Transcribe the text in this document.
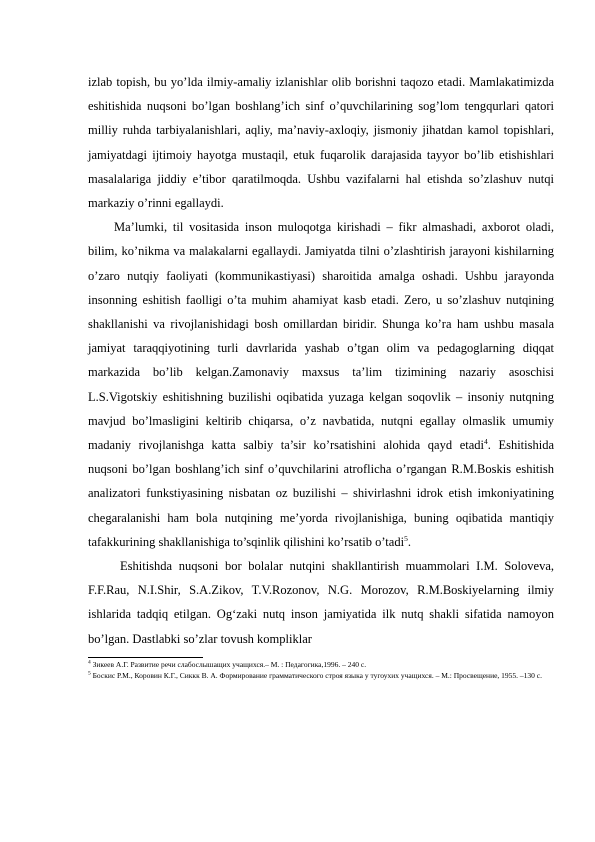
izlab topish, bu yo’lda ilmiy-amaliy izlanishlar olib borishni taqozo etadi. Mamlakatimizda eshitishida nuqsoni bo’lgan boshlang’ich sinf o’quvchilarining sog’lom tengqurlari qatori milliy ruhda tarbiyalanishlari, aqliy, ma’naviy-axloqiy, jismoniy jihatdan kamol topishlari, jamiyatdagi ijtimoiy hayotga mustaqil, etuk fuqarolik darajasida tayyor bo’lib etishishlari masalalariga jiddiy e’tibor qaratilmoqda. Ushbu vazifalarni hal etishda so’zlashuv nutqi markaziy o’rinni egallaydi.

Ma’lumki, til vositasida inson muloqotga kirishadi – fikr almashadi, axborot oladi, bilim, ko’nikma va malakalarni egallaydi. Jamiyatda tilni o’zlashtirish jarayoni kishilarning o’zaro nutqiy faoliyati (kommunikastiyasi) sharoitida amalga oshadi. Ushbu jarayonda insonning eshitish faolligi o’ta muhim ahamiyat kasb etadi. Zero, u so’zlashuv nutqining shakllanishi va rivojlanishidagi bosh omillardan biridir. Shunga ko’ra ham ushbu masala jamiyat taraqqiyotining turli davrlarida yashab o’tgan olim va pedagoglarning diqqat markazida bo’lib kelgan.Zamonaviy maxsus ta’lim tizimining nazariy asoschisi L.S.Vigotskiy eshitishning buzilishi oqibatida yuzaga kelgan soqovlik – insoniy nutqning mavjud bo’lmasligini keltirib chiqarsa, o’z navbatida, nutqni egallay olmaslik umumiy madaniy rivojlanishga katta salbiy ta’sir ko’rsatishini alohida qayd etadi$^4$. Eshitishida nuqsoni bo’lgan boshlang’ich sinf o’quvchilarini atroflicha o’rgangan R.M.Boskis eshitish analizatori funkstiyasining nisbatan oz buzilishi – shivirlashni idrok etish imkoniyatining chegaralanishi ham bola nutqining me’yorda rivojlanishiga, buning oqibatida mantiqiy tafakkurining shakllanishiga to’sqinlik qilishini ko’rsatib o’tadi$^5$.

Eshitishda nuqsoni bor bolalar nutqini shakllantirish muammolari I.M. Soloveva, F.F.Rau, N.I.Shir, S.A.Zikov, T.V.Rozonov, N.G. Morozov, R.M.Boskiyelarning ilmiy ishlarida tadqiq etilgan. Og‘zaki nutq inson jamiyatida ilk nutq shakli sifatida namoyon bo’lgan. Dastlabki so’zlar tovush kompliklar

$^4$ Зикеев А.Г. Развитие речи слабослышащих учащихся.– М. : Педагогика,1996. – 240 с.

$^5$ Боскис Р.М., Коровин К.Г., Сиккк В. А. Формирование грамматического строя языка у тугоухих учащихся. – М.: Просвещение, 1955. –130 с.
